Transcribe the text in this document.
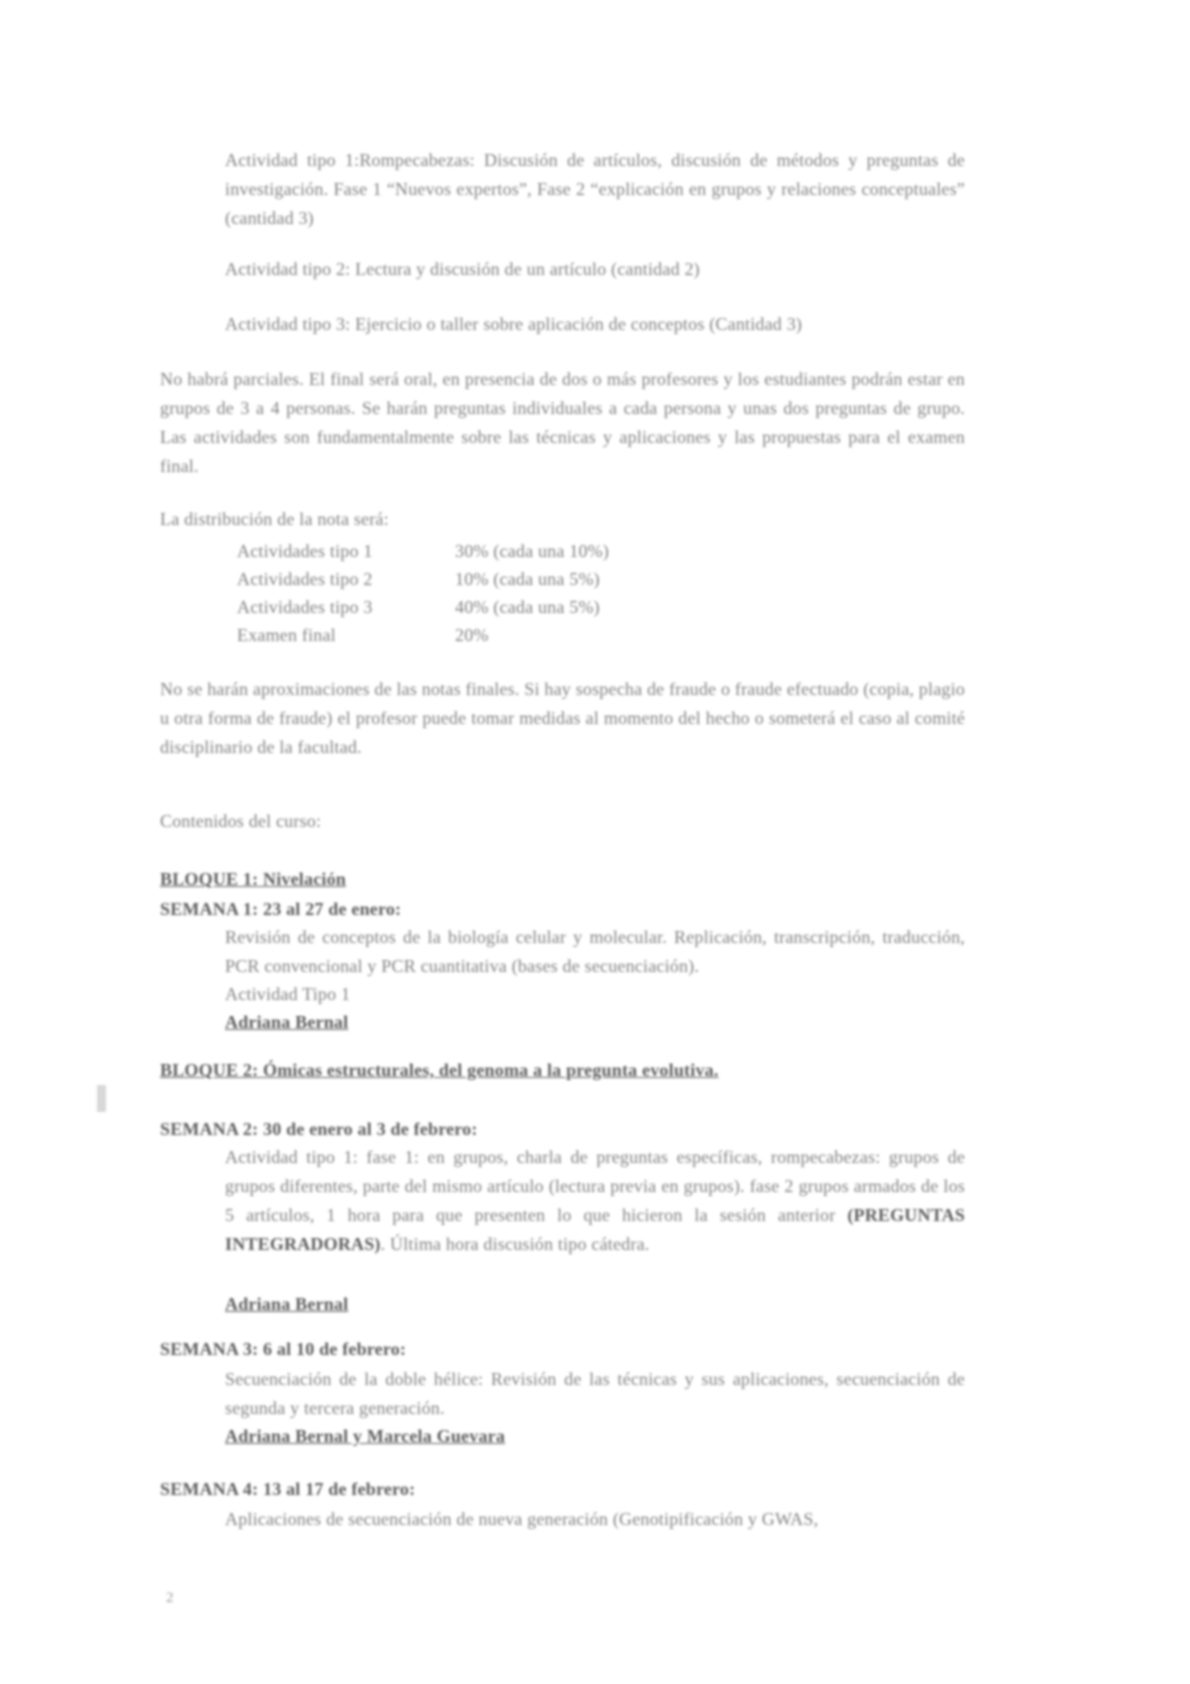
Actividad tipo 1:Rompecabezas: Discusión de artículos, discusión de métodos y preguntas de investigación. Fase 1 “Nuevos expertos”, Fase 2 “explicación en grupos y relaciones conceptuales” (cantidad 3)
Actividad tipo 2: Lectura y discusión de un artículo (cantidad 2)
Actividad tipo 3: Ejercicio o taller sobre aplicación de conceptos (Cantidad 3)
No habrá parciales. El final será oral, en presencia de dos o más profesores y los estudiantes podrán estar en grupos de 3 a 4 personas. Se harán preguntas individuales a cada persona y unas dos preguntas de grupo. Las actividades son fundamentalmente sobre las técnicas y aplicaciones y las propuestas para el examen final.
La distribución de la nota será:
Actividades tipo 1	30% (cada una 10%)
Actividades tipo 2	10% (cada una 5%)
Actividades tipo 3	40% (cada una 5%)
Examen final	20%
No se harán aproximaciones de las notas finales. Si hay sospecha de fraude o fraude efectuado (copia, plagio u otra forma de fraude) el profesor puede tomar medidas al momento del hecho o someterá el caso al comité disciplinario de la facultad.
Contenidos del curso:
BLOQUE 1: Nivelación
SEMANA 1: 23 al 27 de enero:
Revisión de conceptos de la biología celular y molecular. Replicación, transcripción, traducción, PCR convencional y PCR cuantitativa (bases de secuenciación).
Actividad Tipo 1
Adriana Bernal
BLOQUE 2: Ómicas estructurales, del genoma a la pregunta evolutiva.
SEMANA 2: 30 de enero al 3 de febrero:
Actividad tipo 1: fase 1: en grupos, charla de preguntas específicas, rompecabezas: grupos de grupos diferentes, parte del mismo artículo (lectura previa en grupos). fase 2 grupos armados de los 5 artículos, 1 hora para que presenten lo que hicieron la sesión anterior (PREGUNTAS INTEGRADORAS). Última hora discusión tipo cátedra.
Adriana Bernal
SEMANA 3: 6 al 10 de febrero:
Secuenciación de la doble hélice: Revisión de las técnicas y sus aplicaciones, secuenciación de segunda y tercera generación.
Adriana Bernal y Marcela Guevara
SEMANA 4: 13 al 17 de febrero:
Aplicaciones de secuenciación de nueva generación (Genotipificación y GWAS,
2
